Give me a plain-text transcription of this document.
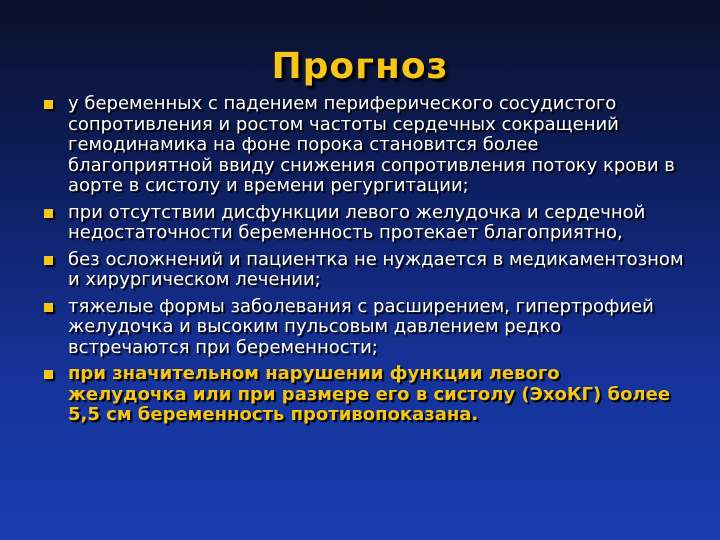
Прогноз
у беременных с падением периферического сосудистого сопротивления и ростом частоты сердечных сокращений гемодинамика на фоне порока становится более благоприятной ввиду снижения сопротивления потоку крови в аорте в систолу и времени регургитации;
при отсутствии дисфункции левого желудочка и сердечной недостаточности беременность протекает благоприятно,
без осложнений и пациентка не нуждается в медикаментозном и хирургическом лечении;
тяжелые формы заболевания с расширением, гипертрофией желудочка и высоким пульсовым давлением редко встречаются при беременности;
при значительном нарушении функции левого желудочка или при размере его в систолу (ЭхоКГ) более 5,5 см беременность противопоказана.
